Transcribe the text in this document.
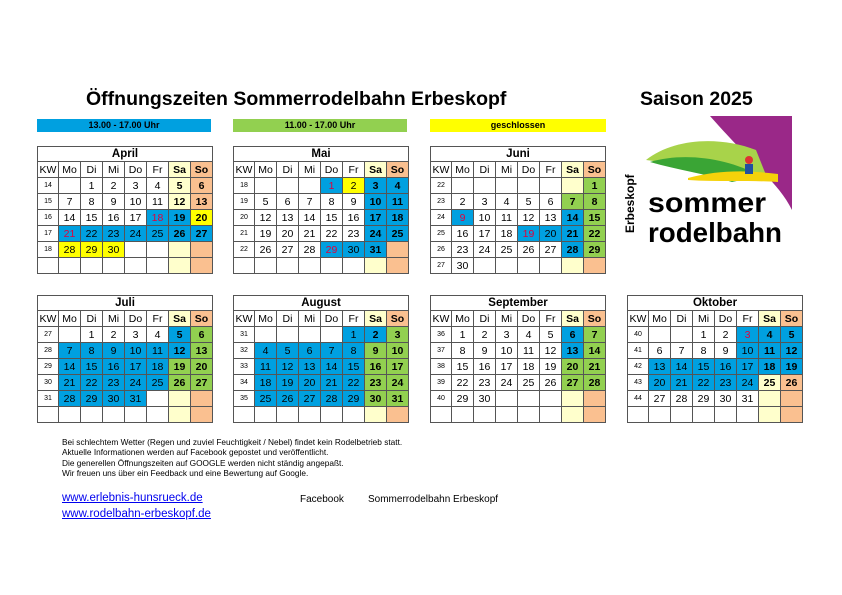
Öffnungszeiten Sommerrodelbahn Erbeskopf	Saison 2025
13.00 - 17.00 Uhr	11.00 - 17.00 Uhr	geschlossen
April							
KW	Mo	Di	Mi	Do	Fr	Sa	So
14		1	2	3	4	5	6
15	7	8	9	10	11	12	13
16	14	15	16	17	18	19	20
17	21	22	23	24	25	26	27
18	28	29	30				

Mai							
KW	Mo	Di	Mi	Do	Fr	Sa	So
18				1	2	3	4
19	5	6	7	8	9	10	11
20	12	13	14	15	16	17	18
21	19	20	21	22	23	24	25
22	26	27	28	29	30	31	

Juni							
KW	Mo	Di	Mi	Do	Fr	Sa	So
22							1
23	2	3	4	5	6	7	8
24	9	10	11	12	13	14	15
25	16	17	18	19	20	21	22
26	23	24	25	26	27	28	29
27	30						
Juli							
KW	Mo	Di	Mi	Do	Fr	Sa	So
27		1	2	3	4	5	6
28	7	8	9	10	11	12	13
29	14	15	16	17	18	19	20
30	21	22	23	24	25	26	27
31	28	29	30	31			

August							
KW	Mo	Di	Mi	Do	Fr	Sa	So
31					1	2	3
32	4	5	6	7	8	9	10
33	11	12	13	14	15	16	17
34	18	19	20	21	22	23	24
35	25	26	27	28	29	30	31

September							
KW	Mo	Di	Mi	Do	Fr	Sa	So
36	1	2	3	4	5	6	7
37	8	9	10	11	12	13	14
38	15	16	17	18	19	20	21
39	22	23	24	25	26	27	28
40	29	30					

Oktober							
KW	Mo	Di	Mi	Do	Fr	Sa	So
40			1	2	3	4	5
41	6	7	8	9	10	11	12
42	13	14	15	16	17	18	19
43	20	21	22	23	24	25	26
44	27	28	29	30	31		

Erbeskopf sommer
rodelbahn
Bei schlechtem Wetter (Regen und zuviel Feuchtigkeit / Nebel) findet kein Rodelbetrieb statt.
Aktuelle Informationen werden auf Facebook gepostet und veröffentlicht.
Die generellen Öffnungszeiten auf GOOGLE werden nicht ständig angepaßt.
Wir freuen uns über ein Feedback und eine Bewertung auf Google.
www.erlebnis-hunsrueck.de
www.rodelbahn-erbeskopf.de
Facebook Sommerrodelbahn Erbeskopf
